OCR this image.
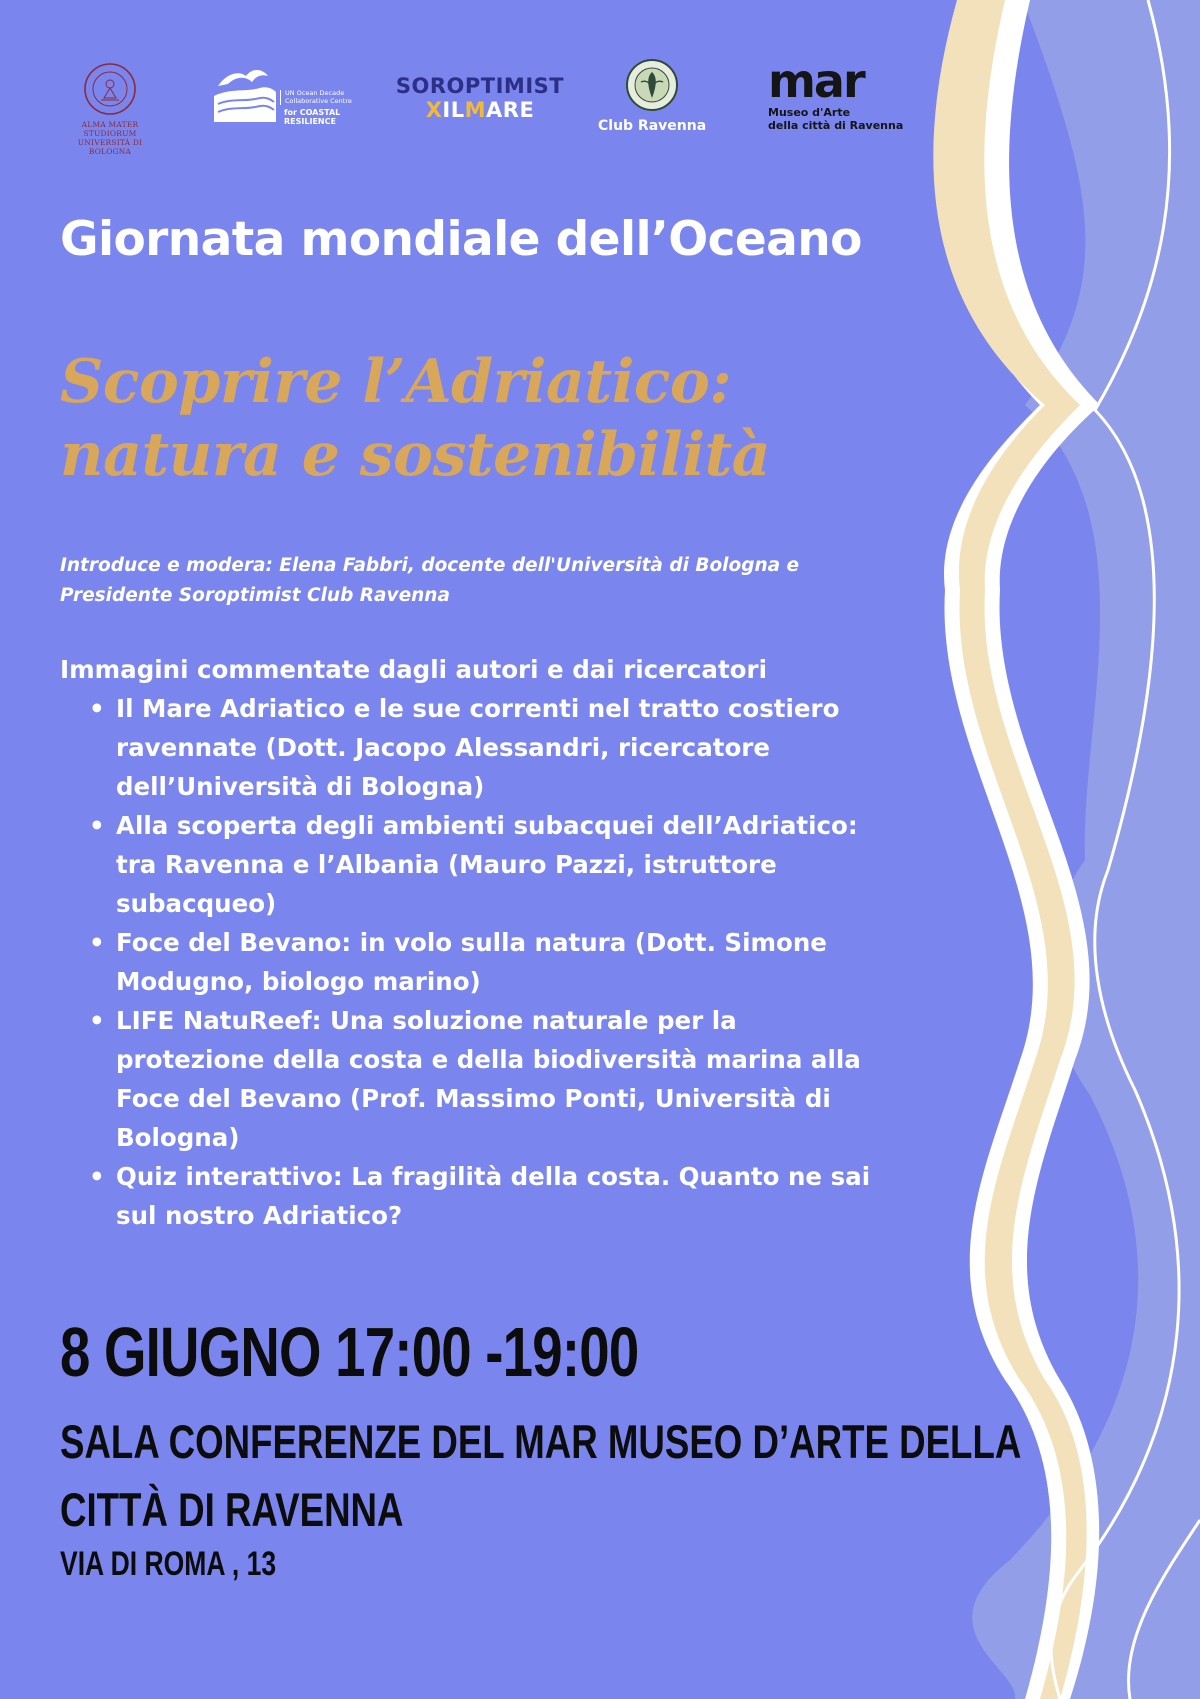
ALMA MATER STUDIORUM
UNIVERSITÀ DI BOLOGNA
UN Ocean Decade
Collaborative Centre
for COASTAL
RESILIENCE
SOROPTIMIST
XILMARE
Club Ravenna
mar
Museo d'Arte
della città di Ravenna
Giornata mondiale dell’Oceano
Scoprire l’Adriatico:
natura e sostenibilità

Introduce e modera: Elena Fabbri, docente dell'Università di Bologna e
Presidente Soroptimist Club Ravenna

Immagini commentate dagli autori e dai ricercatori

• Il Mare Adriatico e le sue correnti nel tratto costiero
ravennate (Dott. Jacopo Alessandri, ricercatore
dell’Università di Bologna)
• Alla scoperta degli ambienti subacquei dell’Adriatico:
tra Ravenna e l’Albania (Mauro Pazzi, istruttore
subacqueo)
• Foce del Bevano: in volo sulla natura (Dott. Simone
Modugno, biologo marino)
• LIFE NatuReef: Una soluzione naturale per la
protezione della costa e della biodiversità marina alla
Foce del Bevano (Prof. Massimo Ponti, Università di
Bologna)
• Quiz interattivo: La fragilità della costa. Quanto ne sai
sul nostro Adriatico?

8 GIUGNO 17:00 -19:00

SALA CONFERENZE DEL MAR MUSEO D’ARTE DELLA
CITTÀ DI RAVENNA

VIA DI ROMA , 13
